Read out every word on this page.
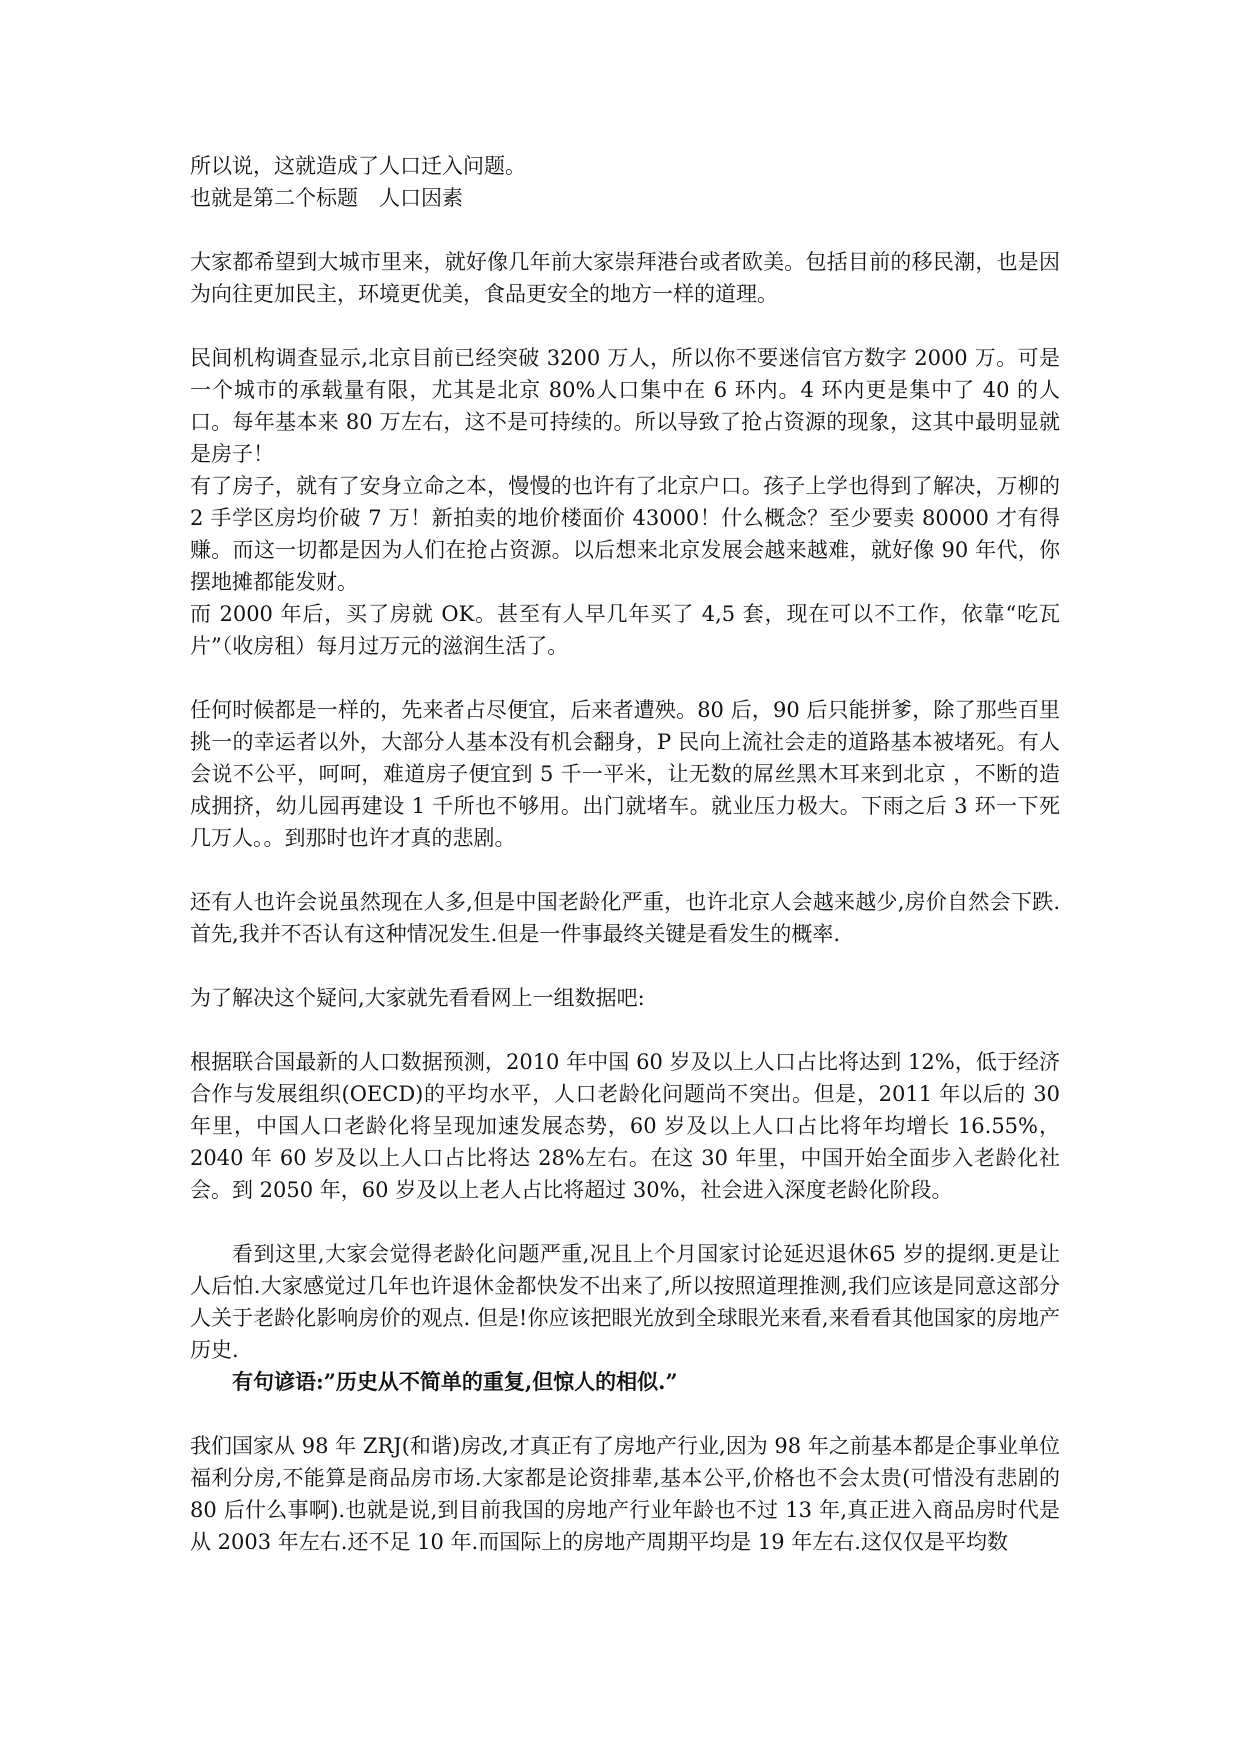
所以说，这就造成了人口迁入问题。

也就是第二个标题　人口因素

大家都希望到大城市里来，就好像几年前大家崇拜港台或者欧美。包括目前的移民潮，也是因为向往更加民主，环境更优美，食品更安全的地方一样的道理。

民间机构调查显示,北京目前已经突破 3200 万人，所以你不要迷信官方数字 2000 万。可是一个城市的承载量有限，尤其是北京 80%人口集中在 6 环内。4 环内更是集中了 40 的人口。每年基本来 80 万左右，这不是可持续的。所以导致了抢占资源的现象，这其中最明显就是房子！

有了房子，就有了安身立命之本，慢慢的也许有了北京户口。孩子上学也得到了解决，万柳的 2 手学区房均价破 7 万！新拍卖的地价楼面价 43000！什么概念？至少要卖 80000 才有得赚。而这一切都是因为人们在抢占资源。以后想来北京发展会越来越难，就好像 90 年代，你摆地摊都能发财。

而 2000 年后，买了房就 OK。甚至有人早几年买了 4,5 套，现在可以不工作，依靠“吃瓦片”（收房租）每月过万元的滋润生活了。

任何时候都是一样的，先来者占尽便宜，后来者遭殃。80 后，90 后只能拼爹，除了那些百里挑一的幸运者以外，大部分人基本没有机会翻身，P 民向上流社会走的道路基本被堵死。有人会说不公平，呵呵，难道房子便宜到 5 千一平米，让无数的屌丝黑木耳来到北京 ，不断的造成拥挤，幼儿园再建设 1 千所也不够用。出门就堵车。就业压力极大。下雨之后 3 环一下死几万人。。到那时也许才真的悲剧。

还有人也许会说虽然现在人多,但是中国老龄化严重，也许北京人会越来越少,房价自然会下跌.首先,我并不否认有这种情况发生.但是一件事最终关键是看发生的概率.

为了解决这个疑问,大家就先看看网上一组数据吧:

根据联合国最新的人口数据预测，2010 年中国 60 岁及以上人口占比将达到 12%，低于经济合作与发展组织(OECD)的平均水平，人口老龄化问题尚不突出。但是，2011 年以后的 30 年里，中国人口老龄化将呈现加速发展态势，60 岁及以上人口占比将年均增长 16.55%，2040 年 60 岁及以上人口占比将达 28%左右。在这 30 年里，中国开始全面步入老龄化社会。到 2050 年，60 岁及以上老人占比将超过 30%，社会进入深度老龄化阶段。

看到这里,大家会觉得老龄化问题严重,况且上个月国家讨论延迟退休65 岁的提纲.更是让人后怕.大家感觉过几年也许退休金都快发不出来了,所以按照道理推测,我们应该是同意这部分人关于老龄化影响房价的观点. 但是!你应该把眼光放到全球眼光来看,来看看其他国家的房地产历史.

有句谚语:”历史从不简单的重复,但惊人的相似.”

我们国家从 98 年 ZRJ(和谐)房改,才真正有了房地产行业,因为 98 年之前基本都是企事业单位福利分房,不能算是商品房市场.大家都是论资排辈,基本公平,价格也不会太贵(可惜没有悲剧的 80 后什么事啊).也就是说,到目前我国的房地产行业年龄也不过 13 年,真正进入商品房时代是从 2003 年左右.还不足 10 年.而国际上的房地产周期平均是 19 年左右.这仅仅是平均数
